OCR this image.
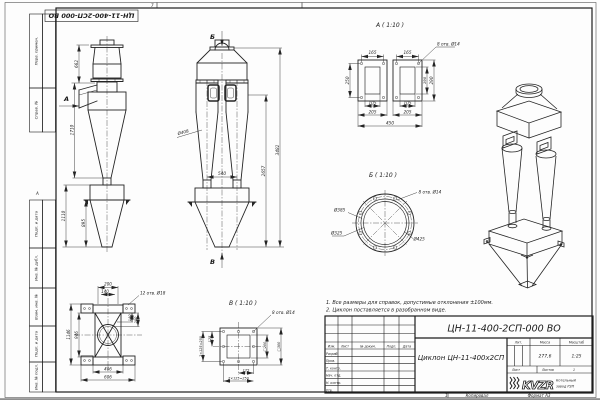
7
А
Перв. примен.
Справ. №
Подп. и дата
Инв. № дубл.
Взам. инв. №
Подп. и дата
Инв. № подл.
ЦН-11-400-2СП-000 ВО
662
1710
1110
895
А
Б
В
Ø408
540	2657
3482
А ( 1:10 )
8 отв. Ø14
165	165
250	290
190
105	105
205	205
450
Б ( 1:10 )
8 отв. Ø14
Ø385
Ø325
Ø425
200
140	12 отв. Ø18
140 200
1146 946
406
606
В ( 1:10 )
8 отв. Ø14
125
2×125=250	□200	□300
125
2×125=250
1. Все размеры для справок, допустимые отклонения ±100мм.
2. Циклон поставляется в разобранном виде.
Изм.	Лист	№ докум.	Подп.	Дата
Разраб.
Пров.
Т. контр.
Нач. отд.
Н. контр.
Утв.
ЦН-11-400-2СП-000 ВО
Циклон ЦН-11-400х2СП
Лит.	Масса	Масштаб
277,6	1:25
Лист	Листов	1
KVZR Котельный
завод РЗП
1	Копировал	Формат А3
